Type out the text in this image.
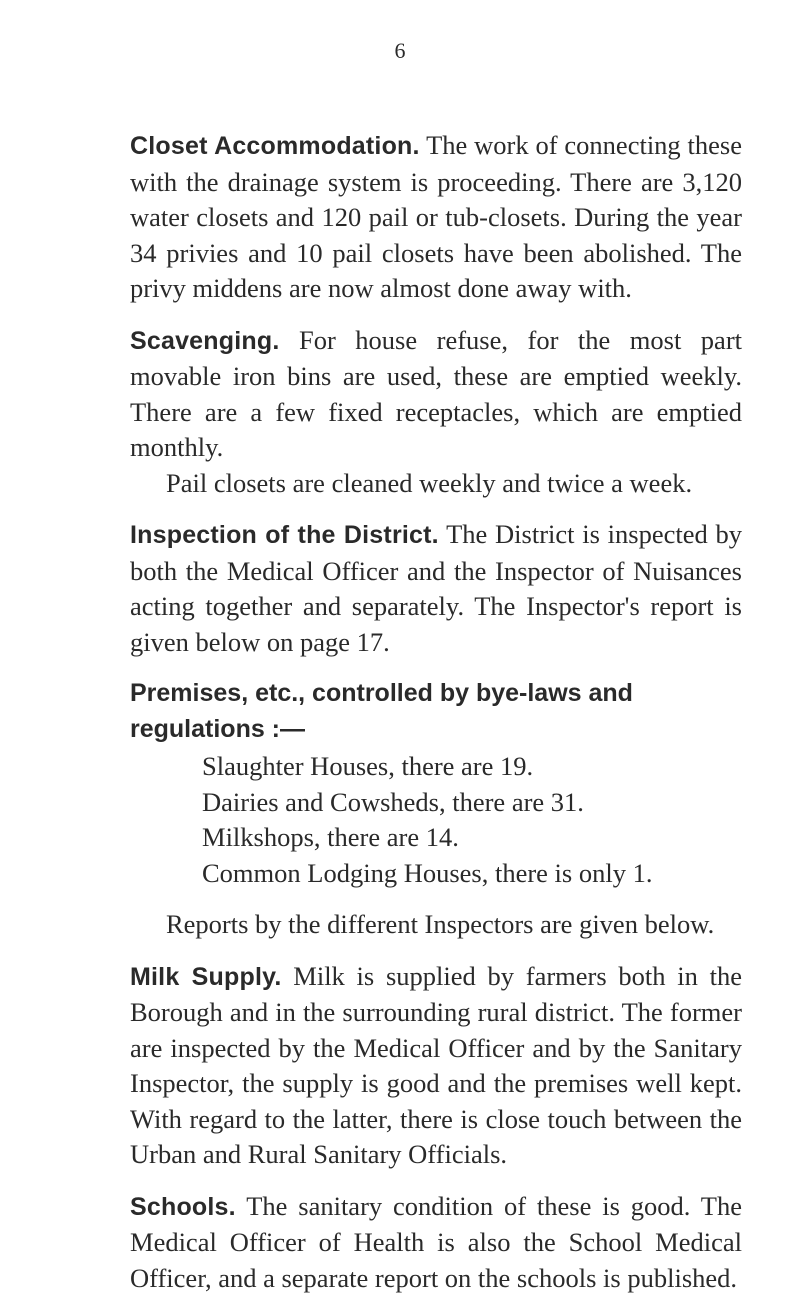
6

Closet Accommodation. The work of connecting these with the drainage system is proceeding. There are 3,120 water closets and 120 pail or tub-closets. During the year 34 privies and 10 pail closets have been abolished. The privy middens are now almost done away with.

Scavenging. For house refuse, for the most part movable iron bins are used, these are emptied weekly. There are a few fixed receptacles, which are emptied monthly.

Pail closets are cleaned weekly and twice a week.

Inspection of the District. The District is inspected by both the Medical Officer and the Inspector of Nuisances acting together and separately. The Inspector's report is given below on page 17.

Premises, etc., controlled by bye-laws and regulations :—

Slaughter Houses, there are 19.
Dairies and Cowsheds, there are 31.
Milkshops, there are 14.
Common Lodging Houses, there is only 1.

Reports by the different Inspectors are given below.

Milk Supply. Milk is supplied by farmers both in the Borough and in the surrounding rural district. The former are inspected by the Medical Officer and by the Sanitary Inspector, the supply is good and the premises well kept. With regard to the latter, there is close touch between the Urban and Rural Sanitary Officials.

Schools. The sanitary condition of these is good. The Medical Officer of Health is also the School Medical Officer, and a separate report on the schools is published.
